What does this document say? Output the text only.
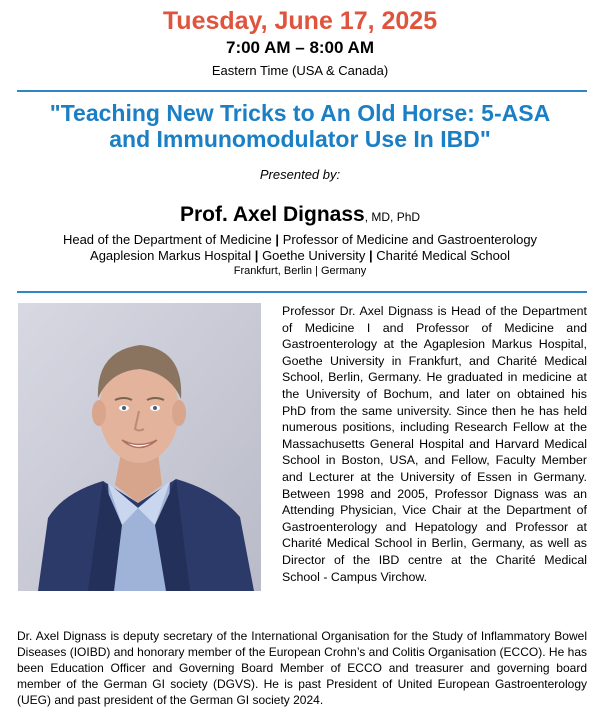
Tuesday, June 17, 2025
7:00 AM – 8:00 AM
Eastern Time (USA & Canada)
"Teaching New Tricks to An Old Horse: 5-ASA
and Immunomodulator Use In IBD"
Presented by:
Prof. Axel Dignass, MD, PhD
Head of the Department of Medicine | Professor of Medicine and Gastroenterology
Agaplesion Markus Hospital | Goethe University | Charité Medical School
Frankfurt, Berlin | Germany
Professor Dr. Axel Dignass is Head of the Department of Medicine I and Professor of Medicine and Gastroenterology at the Agaplesion Markus Hospital, Goethe University in Frankfurt, and Charité Medical School, Berlin, Germany. He graduated in medicine at the University of Bochum, and later on obtained his PhD from the same university. Since then he has held numerous positions, including Research Fellow at the Massachusetts General Hospital and Harvard Medical School in Boston, USA, and Fellow, Faculty Member and Lecturer at the University of Essen in Germany. Between 1998 and 2005, Professor Dignass was an Attending Physician, Vice Chair at the Department of Gastroenterology and Hepatology and Professor at Charité Medical School in Berlin, Germany, as well as Director of the IBD centre at the Charité Medical School - Campus Virchow.
Dr. Axel Dignass is deputy secretary of the International Organisation for the Study of Inflammatory Bowel Diseases (IOIBD) and honorary member of the European Crohn’s and Colitis Organisation (ECCO). He has been Education Officer and Governing Board Member of ECCO and treasurer and governing board member of the German GI society (DGVS). He is past President of United European Gastroenterology (UEG) and past president of the German GI society 2024.
